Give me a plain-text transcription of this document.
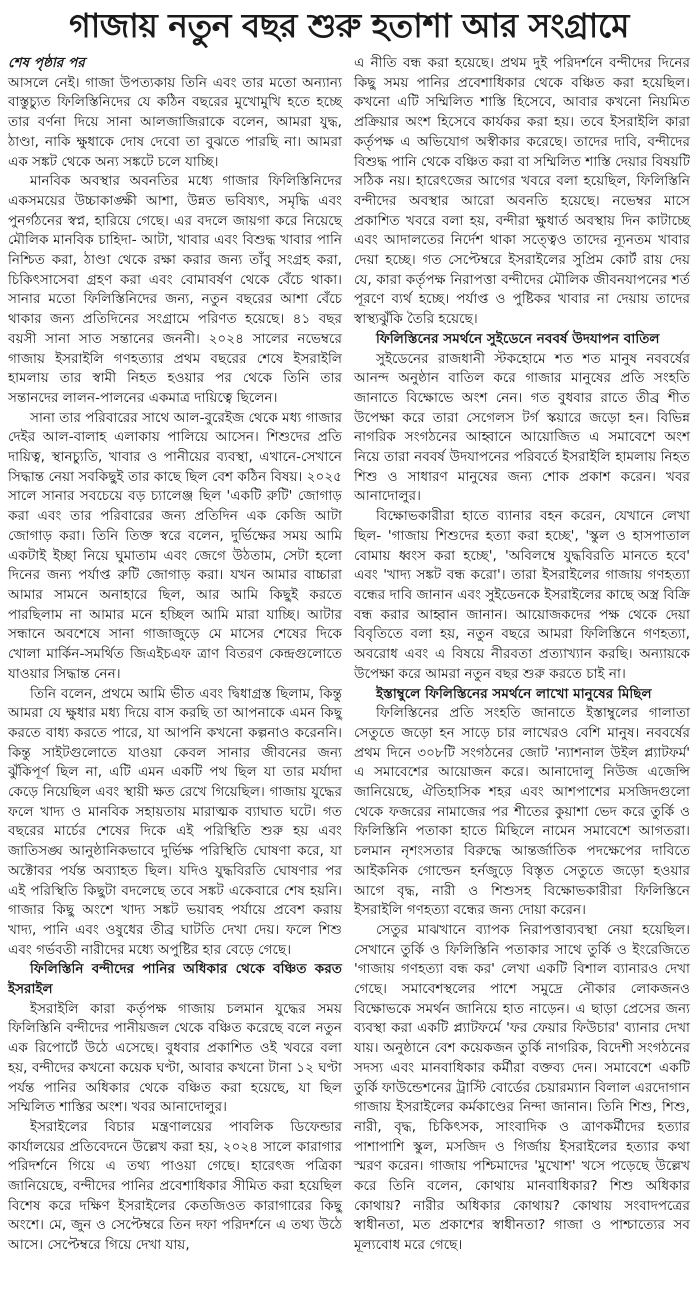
গাজায় নতুন বছর শুরু হতাশা আর সংগ্রামে
শেষ পৃষ্ঠার পর

আসলে নেই। গাজা উপত্যকায় তিনি এবং তার মতো অন্যান্য বাস্তুচ্যুত ফিলিস্তিনিদের যে কঠিন বছরের মুখোমুখি হতে হচ্ছে তার বর্ণনা দিয়ে সানা আলজাজিরাকে বলেন, আমরা যুদ্ধ, ঠাণ্ডা, নাকি ক্ষুধাকে দোষ দেবো তা বুঝতে পারছি না। আমরা এক সঙ্কট থেকে অন্য সঙ্কটে চলে যাচ্ছি।

মানবিক অবস্থার অবনতির মধ্যে গাজার ফিলিস্তিনিদের একসময়ের উচ্চাকাঙ্ক্ষী আশা, উন্নত ভবিষ্যৎ, সমৃদ্ধি এবং পুনর্গঠনের স্বপ্ন, হারিয়ে গেছে। এর বদলে জায়গা করে নিয়েছে মৌলিক মানবিক চাহিদা- আটা, খাবার এবং বিশুদ্ধ খাবার পানি নিশ্চিত করা, ঠাণ্ডা থেকে রক্ষা করার জন্য তাঁবু সংগ্রহ করা, চিকিৎসাসেবা গ্রহণ করা এবং বোমাবর্ষণ থেকে বেঁচে থাকা। সানার মতো ফিলিস্তিনিদের জন্য, নতুন বছরের আশা বেঁচে থাকার জন্য প্রতিদিনের সংগ্রামে পরিণত হয়েছে। ৪১ বছর বয়সী সানা সাত সন্তানের জননী। ২০২৪ সালের নভেম্বরে গাজায় ইসরাইলি গণহত্যার প্রথম বছরের শেষে ইসরাইলি হামলায় তার স্বামী নিহত হওয়ার পর থেকে তিনি তার সন্তানদের লালন-পালনের একমাত্র দায়িত্বে ছিলেন।

সানা তার পরিবারের সাথে আল-বুরেইজ থেকে মধ্য গাজার দেইর আল-বালাহ এলাকায় পালিয়ে আসেন। শিশুদের প্রতি দায়িত্ব, স্থানচ্যুতি, খাবার ও পানীয়ের ব্যবস্থা, এখানে-সেখানে সিদ্ধান্ত নেয়া সবকিছুই তার কাছে ছিল বেশ কঠিন বিষয়। ২০২৫ সালে সানার সবচেয়ে বড় চ্যালেঞ্জ ছিল 'একটি রুটি' জোগাড় করা এবং তার পরিবারের জন্য প্রতিদিন এক কেজি আটা জোগাড় করা। তিনি তিক্ত স্বরে বলেন, দুর্ভিক্ষের সময় আমি একটাই ইচ্ছা নিয়ে ঘুমাতাম এবং জেগে উঠতাম, সেটা হলো দিনের জন্য পর্যাপ্ত রুটি জোগাড় করা। যখন আমার বাচ্চারা আমার সামনে অনাহারে ছিল, আর আমি কিছুই করতে পারছিলাম না আমার মনে হচ্ছিল আমি মারা যাচ্ছি। আটার সন্ধানে অবশেষে সানা গাজাজুড়ে মে মাসের শেষের দিকে খোলা মার্কিন-সমর্থিত জিএইচএফ ত্রাণ বিতরণ কেন্দ্রগুলোতে যাওয়ার সিদ্ধান্ত নেন।

তিনি বলেন, প্রথমে আমি ভীত এবং দ্বিধাগ্রস্ত ছিলাম, কিন্তু আমরা যে ক্ষুধার মধ্য দিয়ে বাস করছি তা আপনাকে এমন কিছু করতে বাধ্য করতে পারে, যা আপনি কখনো কল্পনাও করেননি। কিন্তু সাইটগুলোতে যাওয়া কেবল সানার জীবনের জন্য ঝুঁকিপূর্ণ ছিল না, এটি এমন একটি পথ ছিল যা তার মর্যাদা কেড়ে নিয়েছিল এবং স্থায়ী ক্ষত রেখে গিয়েছিল। গাজায় যুদ্ধের ফলে খাদ্য ও মানবিক সহায়তায় মারাত্মক ব্যাঘাত ঘটে। গত বছরের মার্চের শেষের দিকে এই পরিস্থিতি শুরু হয় এবং জাতিসঙ্ঘ আনুষ্ঠানিকভাবে দুর্ভিক্ষ পরিস্থিতি ঘোষণা করে, যা অক্টোবর পর্যন্ত অব্যাহত ছিল। যদিও যুদ্ধবিরতি ঘোষণার পর এই পরিস্থিতি কিছুটা বদলেছে তবে সঙ্কট একেবারে শেষ হয়নি। গাজার কিছু অংশে খাদ্য সঙ্কট ভয়াবহ পর্যায়ে প্রবেশ করায় খাদ্য, পানি এবং ওষুধের তীব্র ঘাটতি দেখা দেয়। ফলে শিশু এবং গর্ভবতী নারীদের মধ্যে অপুষ্টির হার বেড়ে গেছে।

ফিলিস্তিনি বন্দীদের পানির অধিকার থেকে বঞ্চিত করত ইসরাইল

ইসরাইলি কারা কর্তৃপক্ষ গাজায় চলমান যুদ্ধের সময় ফিলিস্তিনি বন্দীদের পানীয়জল থেকে বঞ্চিত করেছে বলে নতুন এক রিপোর্টে উঠে এসেছে। বুধবার প্রকাশিত ওই খবরে বলা হয়, বন্দীদের কখনো কয়েক ঘণ্টা, আবার কখনো টানা ১২ ঘণ্টা পর্যন্ত পানির অধিকার থেকে বঞ্চিত করা হয়েছে, যা ছিল সম্মিলিত শাস্তির অংশ। খবর আনাদোলুর।

ইসরাইলের বিচার মন্ত্রণালয়ের পাবলিক ডিফেন্ডার কার্যালয়ের প্রতিবেদনে উল্লেখ করা হয়, ২০২৪ সালে কারাগার পরিদর্শনে গিয়ে এ তথ্য পাওয়া গেছে। হারেৎজ পত্রিকা জানিয়েছে, বন্দীদের পানির প্রবেশাধিকার সীমিত করা হয়েছিল বিশেষ করে দক্ষিণ ইসরাইলের কেতজিওত কারাগারের কিছু অংশে। মে, জুন ও সেপ্টেম্বরে তিন দফা পরিদর্শনে এ তথ্য উঠে আসে। সেপ্টেম্বরে গিয়ে দেখা যায়,

এ নীতি বন্ধ করা হয়েছে। প্রথম দুই পরিদর্শনে বন্দীদের দিনের কিছু সময় পানির প্রবেশাধিকার থেকে বঞ্চিত করা হয়েছিল। কখনো এটি সম্মিলিত শাস্তি হিসেবে, আবার কখনো নিয়মিত প্রক্রিয়ার অংশ হিসেবে কার্যকর করা হয়। তবে ইসরাইলি কারা কর্তৃপক্ষ এ অভিযোগ অস্বীকার করেছে। তাদের দাবি, বন্দীদের বিশুদ্ধ পানি থেকে বঞ্চিত করা বা সম্মিলিত শাস্তি দেয়ার বিষয়টি সঠিক নয়। হারেৎজের আগের খবরে বলা হয়েছিল, ফিলিস্তিনি বন্দীদের অবস্থার আরো অবনতি হয়েছে। নভেম্বর মাসে প্রকাশিত খবরে বলা হয়, বন্দীরা ক্ষুধার্ত অবস্থায় দিন কাটাচ্ছে এবং আদালতের নির্দেশ থাকা সত্ত্বেও তাদের ন্যূনতম খাবার দেয়া হচ্ছে। গত সেপ্টেম্বরে ইসরাইলের সুপ্রিম কোর্ট রায় দেয় যে, কারা কর্তৃপক্ষ নিরাপত্তা বন্দীদের মৌলিক জীবনযাপনের শর্ত পূরণে ব্যর্থ হচ্ছে। পর্যাপ্ত ও পুষ্টিকর খাবার না দেয়ায় তাদের স্বাস্থ্যঝুঁকি তৈরি হয়েছে।

ফিলিস্তিনের সমর্থনে সুইডেনে নববর্ষ উদযাপন বাতিল

সুইডেনের রাজধানী স্টকহোমে শত শত মানুষ নববর্ষের আনন্দ অনুষ্ঠান বাতিল করে গাজার মানুষের প্রতি সংহতি জানাতে বিক্ষোভে অংশ নেন। গত বুধবার রাতে তীব্র শীত উপেক্ষা করে তারা সেগেলস টর্গ স্কয়ারে জড়ো হন। বিভিন্ন নাগরিক সংগঠনের আহ্বানে আয়োজিত এ সমাবেশে অংশ নিয়ে তারা নববর্ষ উদযাপনের পরিবর্তে ইসরাইলি হামলায় নিহত শিশু ও সাধারণ মানুষের জন্য শোক প্রকাশ করেন। খবর আনাদোলুর।

বিক্ষোভকারীরা হাতে ব্যানার বহন করেন, যেখানে লেখা ছিল- 'গাজায় শিশুদের হত্যা করা হচ্ছে', 'স্কুল ও হাসপাতাল বোমায় ধ্বংস করা হচ্ছে', 'অবিলম্বে যুদ্ধবিরতি মানতে হবে' এবং 'খাদ্য সঙ্কট বন্ধ করো'। তারা ইসরাইলের গাজায় গণহত্যা বন্ধের দাবি জানান এবং সুইডেনকে ইসরাইলের কাছে অস্ত্র বিক্রি বন্ধ করার আহ্বান জানান। আয়োজকদের পক্ষ থেকে দেয়া বিবৃতিতে বলা হয়, নতুন বছরে আমরা ফিলিস্তিনে গণহত্যা, অবরোধ এবং এ বিষয়ে নীরবতা প্রত্যাখ্যান করছি। অন্যায়কে উপেক্ষা করে আমরা নতুন বছর শুরু করতে চাই না।

ইস্তাম্বুলে ফিলিস্তিনের সমর্থনে লাখো মানুষের মিছিল

ফিলিস্তিনের প্রতি সংহতি জানাতে ইস্তাম্বুলের গালাতা সেতুতে জড়ো হন সাড়ে চার লাখেরও বেশি মানুষ। নববর্ষের প্রথম দিনে ৩০৮টি সংগঠনের জোট 'ন্যাশনাল উইল প্ল্যাটফর্ম' এ সমাবেশের আয়োজন করে। আনাদোলু নিউজ এজেন্সি জানিয়েছে, ঐতিহাসিক শহর এবং আশপাশের মসজিদগুলো থেকে ফজরের নামাজের পর শীতের কুয়াশা ভেদ করে তুর্কি ও ফিলিস্তিনি পতাকা হাতে মিছিলে নামেন সমাবেশে আগতরা। চলমান নৃশংসতার বিরুদ্ধে আন্তর্জাতিক পদক্ষেপের দাবিতে আইকনিক গোল্ডেন হর্নজুড়ে বিস্তৃত সেতুতে জড়ো হওয়ার আগে বৃদ্ধ, নারী ও শিশুসহ বিক্ষোভকারীরা ফিলিস্তিনে ইসরাইলি গণহত্যা বন্ধের জন্য দোয়া করেন।

সেতুর মাঝখানে ব্যাপক নিরাপত্তাব্যবস্থা নেয়া হয়েছিল। সেখানে তুর্কি ও ফিলিস্তিনি পতাকার সাথে তুর্কি ও ইংরেজিতে 'গাজায় গণহত্যা বন্ধ কর' লেখা একটি বিশাল ব্যানারও দেখা গেছে। সমাবেশস্থলের পাশে সমুদ্রে নৌকার লোকজনও বিক্ষোভকে সমর্থন জানিয়ে হাত নাড়েন। এ ছাড়া প্রেসের জন্য ব্যবস্থা করা একটি প্ল্যাটফর্মে 'ফর ফেয়ার ফিউচার' ব্যানার দেখা যায়। অনুষ্ঠানে বেশ কয়েকজন তুর্কি নাগরিক, বিদেশী সংগঠনের সদস্য এবং মানবাধিকার কর্মীরা বক্তব্য দেন। সমাবেশে একটি তুর্কি ফাউন্ডেশনের ট্রাস্টি বোর্ডের চেয়ারম্যান বিলাল এরদোগান গাজায় ইসরাইলের কর্মকাণ্ডের নিন্দা জানান। তিনি শিশু, শিশু, নারী, বৃদ্ধ, চিকিৎসক, সাংবাদিক ও ত্রাণকর্মীদের হত্যার পাশাপাশি স্কুল, মসজিদ ও গির্জায় ইসরাইলের হত্যার কথা স্মরণ করেন। গাজায় পশ্চিমাদের 'মুখোশ' খসে পড়েছে উল্লেখ করে তিনি বলেন, কোথায় মানবাধিকার? শিশু অধিকার কোথায়? নারীর অধিকার কোথায়? কোথায় সংবাদপত্রের স্বাধীনতা, মত প্রকাশের স্বাধীনতা? গাজা ও পাশ্চাত্যের সব মূল্যবোধ মরে গেছে।
